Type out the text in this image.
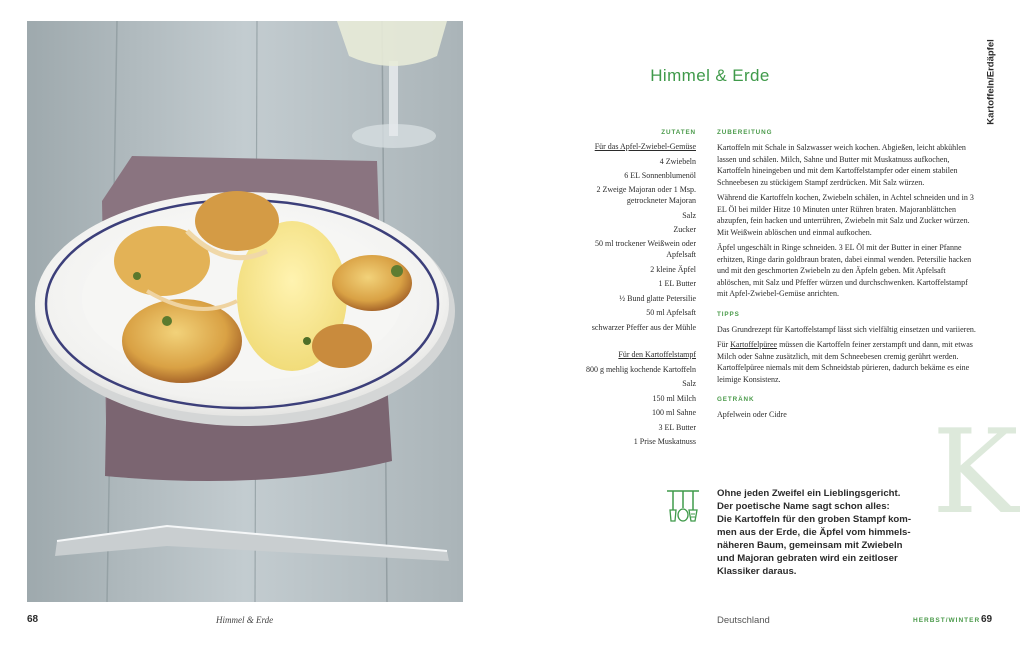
68	Himmel & Erde
Kartoffeln/Erdäpfel
Himmel & Erde
ZUTATEN
Für das Apfel-Zwiebel-Gemüse
4 Zwiebeln
6 EL Sonnenblumenöl
2 Zweige Majoran oder 1 Msp.
getrockneter Majoran
Salz
Zucker
50 ml trockener Weißwein oder
Apfelsaft
2 kleine Äpfel
1 EL Butter
½ Bund glatte Petersilie
50 ml Apfelsaft
schwarzer Pfeffer aus der Mühle
Für den Kartoffelstampf
800 g mehlig kochende Kartoffeln
Salz
150 ml Milch
100 ml Sahne
3 EL Butter
1 Prise Muskatnuss
ZUBEREITUNG

Kartoffeln mit Schale in Salzwasser weich kochen. Abgießen, leicht abkühlen lassen und schälen. Milch, Sahne und Butter mit Muskatnuss aufkochen, Kartoffeln hineingeben und mit dem Kartoffelstampfer oder einem stabilen Schneebesen zu stückigem Stampf zerdrücken. Mit Salz würzen.

Während die Kartoffeln kochen, Zwiebeln schälen, in Achtel schneiden und in 3 EL Öl bei milder Hitze 10 Minuten unter Rühren braten. Majoranblättchen abzupfen, fein hacken und unterrühren, Zwiebeln mit Salz und Zucker würzen. Mit Weißwein ablöschen und einmal aufkochen.

Äpfel ungeschält in Ringe schneiden. 3 EL Öl mit der Butter in einer Pfanne erhitzen, Ringe darin goldbraun braten, dabei einmal wenden. Petersilie hacken und mit den geschmorten Zwiebeln zu den Äpfeln geben. Mit Apfelsaft ablöschen, mit Salz und Pfeffer würzen und durchschwenken. Kartoffelstampf mit Apfel-Zwiebel-Gemüse anrichten.

TIPPS

Das Grundrezept für Kartoffelstampf lässt sich vielfältig einsetzen und variieren.

Für Kartoffelpüree müssen die Kartoffeln feiner zerstampft und dann, mit etwas Milch oder Sahne zusätzlich, mit dem Schneebesen cremig gerührt werden. Kartoffelpüree niemals mit dem Schneidstab pürieren, dadurch bekäme es eine leimige Konsistenz.

GETRÄNK

Apfelwein oder Cidre	K
Ohne jeden Zweifel ein Lieblingsgericht.
Der poetische Name sagt schon alles:
Die Kartoffeln für den groben Stampf kom-
men aus der Erde, die Äpfel vom himmels-
näheren Baum, gemeinsam mit Zwiebeln
und Majoran gebraten wird ein zeitloser
Klassiker daraus.
Deutschland	HERBST/WINTER 69
